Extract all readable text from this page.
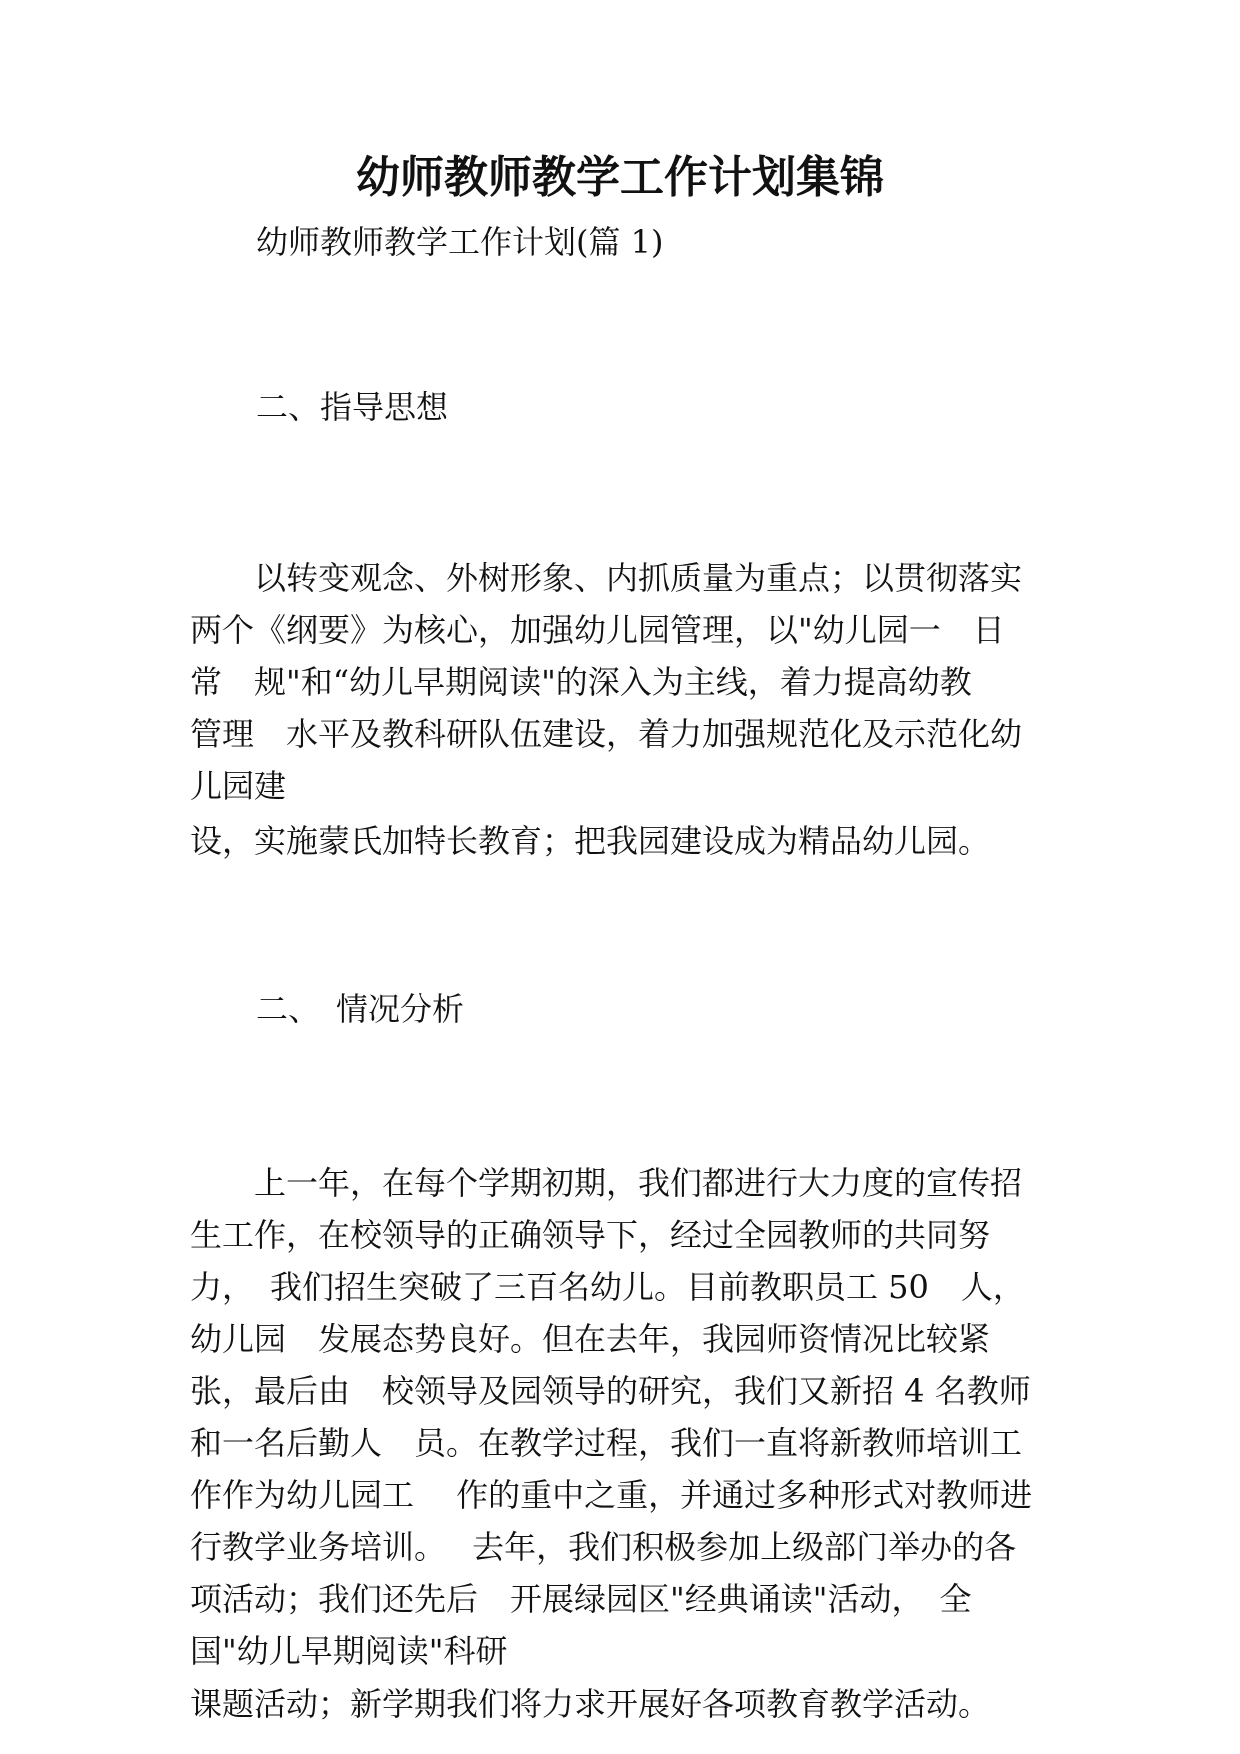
幼师教师教学工作计划集锦
幼师教师教学工作计划(篇 1)
二、指导思想
　　以转变观念、外树形象、内抓质量为重点；以贯彻落实
两个《纲要》为核心，加强幼儿园管理，以"幼儿园一　日
常　规"和“幼儿早期阅读"的深入为主线，着力提高幼教
管理　水平及教科研队伍建设，着力加强规范化及示范化幼
儿园建
设，实施蒙氏加特长教育；把我园建设成为精品幼儿园。
二、　情况分析
　　上一年，在每个学期初期，我们都进行大力度的宣传招
生工作，在校领导的正确领导下，经过全园教师的共同努
力，　我们招生突破了三百名幼儿。目前教职员工 50　人，
幼儿园　发展态势良好。但在去年，我园师资情况比较紧
张，最后由　校领导及园领导的研究，我们又新招 4 名教师
和一名后勤人　员。在教学过程，我们一直将新教师培训工
作作为幼儿园工　 作的重中之重，并通过多种形式对教师进
行教学业务培训。　 去年，我们积极参加上级部门举办的各
项活动；我们还先后　开展绿园区"经典诵读"活动，　全
国"幼儿早期阅读"科研
课题活动；新学期我们将力求开展好各项教育教学活动。
